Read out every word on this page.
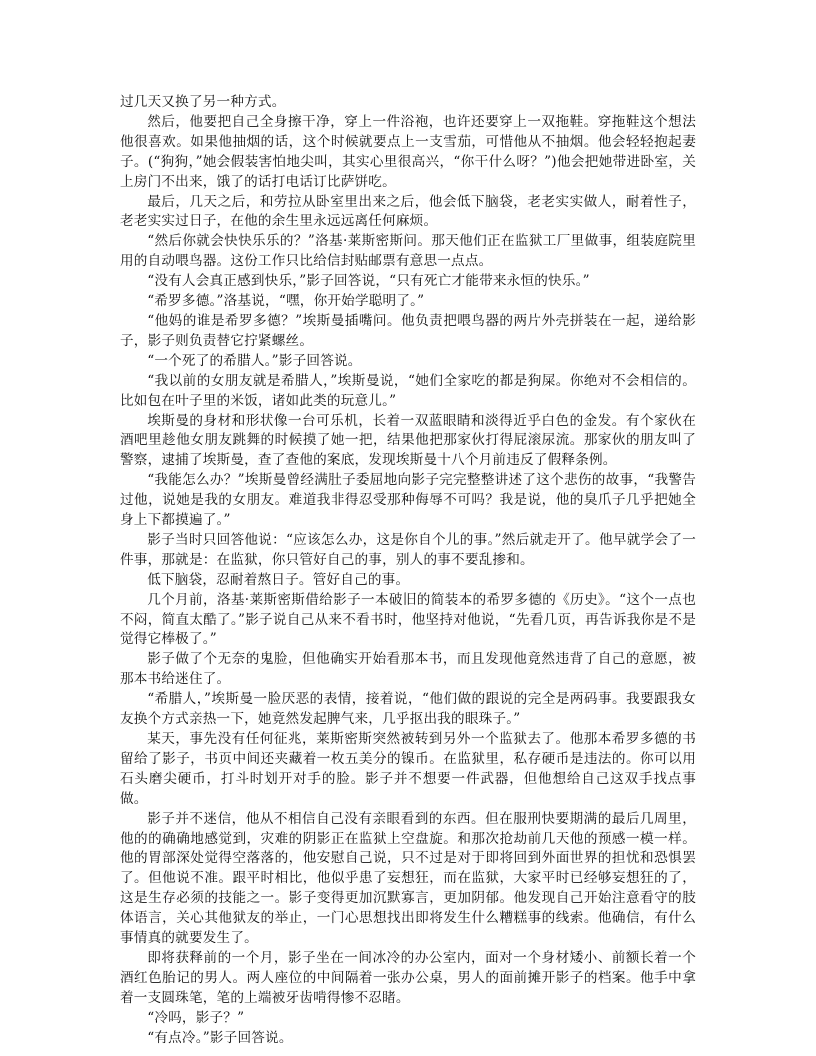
过几天又换了另一种方式。

然后，他要把自己全身擦干净，穿上一件浴袍，也许还要穿上一双拖鞋。穿拖鞋这个想法他很喜欢。如果他抽烟的话，这个时候就要点上一支雪茄，可惜他从不抽烟。他会轻轻抱起妻子。(“狗狗，”她会假装害怕地尖叫，其实心里很高兴，“你干什么呀？”)他会把她带进卧室，关上房门不出来，饿了的话打电话订比萨饼吃。

最后，几天之后，和劳拉从卧室里出来之后，他会低下脑袋，老老实实做人，耐着性子，老老实实过日子，在他的余生里永远远离任何麻烦。

“然后你就会快快乐乐的？”洛基·莱斯密斯问。那天他们正在监狱工厂里做事，组装庭院里用的自动喂鸟器。这份工作只比给信封贴邮票有意思一点点。

“没有人会真正感到快乐，”影子回答说，“只有死亡才能带来永恒的快乐。”

“希罗多德。”洛基说，“嘿，你开始学聪明了。”

“他妈的谁是希罗多德？”埃斯曼插嘴问。他负责把喂鸟器的两片外壳拼装在一起，递给影子，影子则负责替它拧紧螺丝。

“一个死了的希腊人。”影子回答说。

“我以前的女朋友就是希腊人，”埃斯曼说，“她们全家吃的都是狗屎。你绝对不会相信的。比如包在叶子里的米饭，诸如此类的玩意儿。”

埃斯曼的身材和形状像一台可乐机，长着一双蓝眼睛和淡得近乎白色的金发。有个家伙在酒吧里趁他女朋友跳舞的时候摸了她一把，结果他把那家伙打得屁滚尿流。那家伙的朋友叫了警察，逮捕了埃斯曼，查了查他的案底，发现埃斯曼十八个月前违反了假释条例。

“我能怎么办？”埃斯曼曾经满肚子委屈地向影子完完整整讲述了这个悲伤的故事，“我警告过他，说她是我的女朋友。难道我非得忍受那种侮辱不可吗？我是说，他的臭爪子几乎把她全身上下都摸遍了。”

影子当时只回答他说：“应该怎么办，这是你自个儿的事。”然后就走开了。他早就学会了一件事，那就是：在监狱，你只管好自己的事，别人的事不要乱掺和。

低下脑袋，忍耐着熬日子。管好自己的事。

几个月前，洛基·莱斯密斯借给影子一本破旧的简装本的希罗多德的《历史》。“这个一点也不闷，简直太酷了。”影子说自己从来不看书时，他坚持对他说，“先看几页，再告诉我你是不是觉得它棒极了。”

影子做了个无奈的鬼脸，但他确实开始看那本书，而且发现他竟然违背了自己的意愿，被那本书给迷住了。

“希腊人，”埃斯曼一脸厌恶的表情，接着说，“他们做的跟说的完全是两码事。我要跟我女友换个方式亲热一下，她竟然发起脾气来，几乎抠出我的眼珠子。”

某天，事先没有任何征兆，莱斯密斯突然被转到另外一个监狱去了。他那本希罗多德的书留给了影子，书页中间还夹藏着一枚五美分的镍币。在监狱里，私存硬币是违法的。你可以用石头磨尖硬币，打斗时划开对手的脸。影子并不想要一件武器，但他想给自己这双手找点事做。

影子并不迷信，他从不相信自己没有亲眼看到的东西。但在服刑快要期满的最后几周里，他的的确确地感觉到，灾难的阴影正在监狱上空盘旋。和那次抢劫前几天他的预感一模一样。他的胃部深处觉得空落落的，他安慰自己说，只不过是对于即将回到外面世界的担忧和恐惧罢了。但他说不准。跟平时相比，他似乎患了妄想狂，而在监狱，大家平时已经够妄想狂的了，这是生存必须的技能之一。影子变得更加沉默寡言，更加阴郁。他发现自己开始注意看守的肢体语言，关心其他狱友的举止，一门心思想找出即将发生什么糟糕事的线索。他确信，有什么事情真的就要发生了。

即将获释前的一个月，影子坐在一间冰冷的办公室内，面对一个身材矮小、前额长着一个酒红色胎记的男人。两人座位的中间隔着一张办公桌，男人的面前摊开影子的档案。他手中拿着一支圆珠笔，笔的上端被牙齿啃得惨不忍睹。

“冷吗，影子？”

“有点冷。”影子回答说。
